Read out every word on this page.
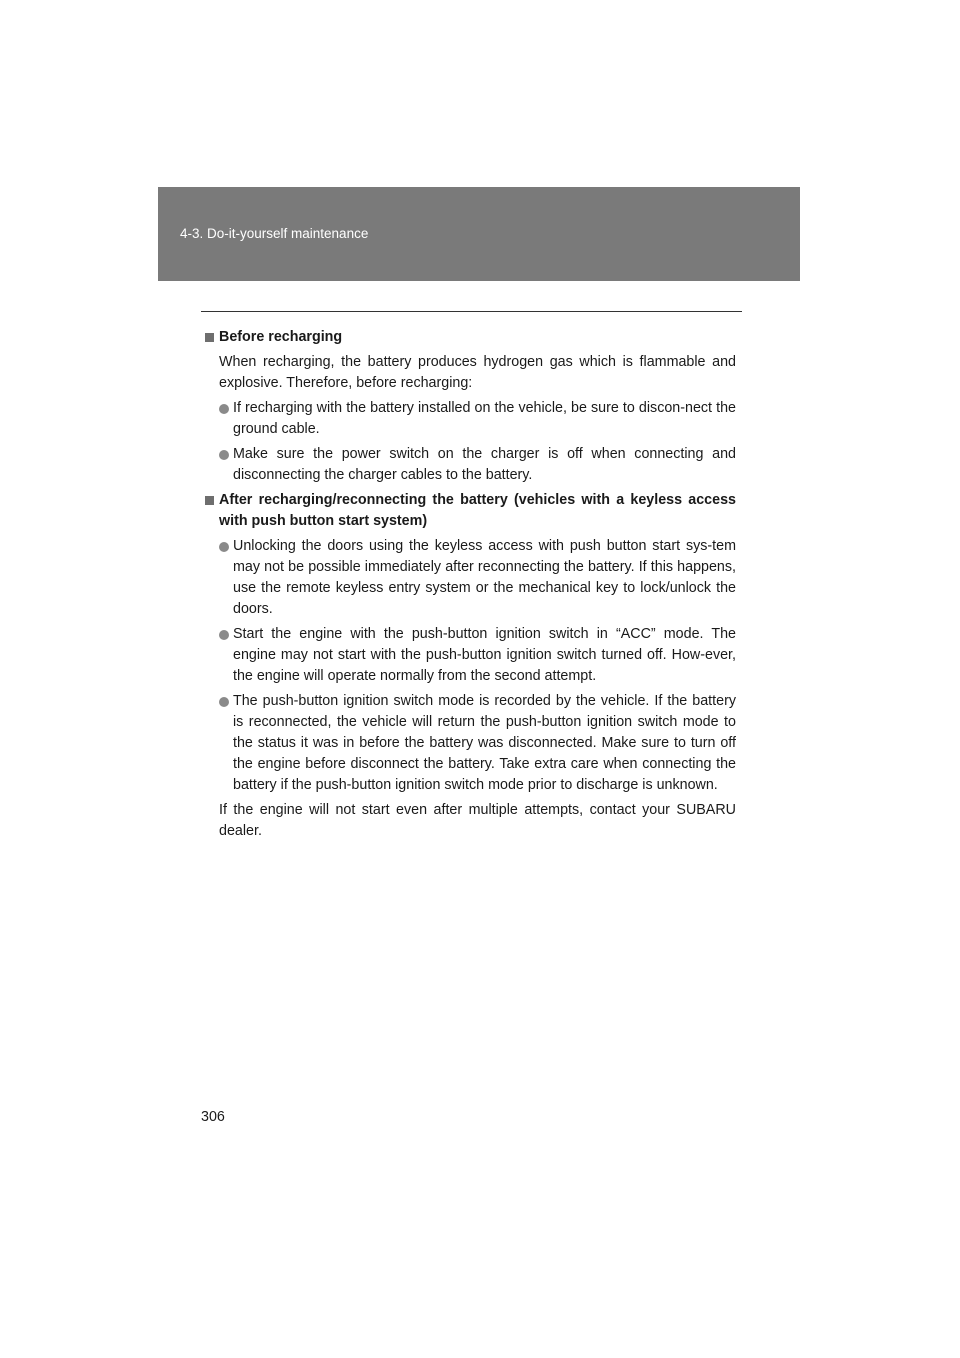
4-3. Do-it-yourself maintenance
Before recharging

When recharging, the battery produces hydrogen gas which is flammable and explosive. Therefore, before recharging:

If recharging with the battery installed on the vehicle, be sure to discon-nect the ground cable.
Make sure the power switch on the charger is off when connecting and disconnecting the charger cables to the battery.
After recharging/reconnecting the battery (vehicles with a keyless access with push button start system)
Unlocking the doors using the keyless access with push button start sys-tem may not be possible immediately after reconnecting the battery. If this happens, use the remote keyless entry system or the mechanical key to lock/unlock the doors.
Start the engine with the push-button ignition switch in “ACC” mode. The engine may not start with the push-button ignition switch turned off. How-ever, the engine will operate normally from the second attempt.
The push-button ignition switch mode is recorded by the vehicle. If the battery is reconnected, the vehicle will return the push-button ignition switch mode to the status it was in before the battery was disconnected. Make sure to turn off the engine before disconnect the battery. Take extra care when connecting the battery if the push-button ignition switch mode prior to discharge is unknown.

If the engine will not start even after multiple attempts, contact your SUBARU dealer.

306
